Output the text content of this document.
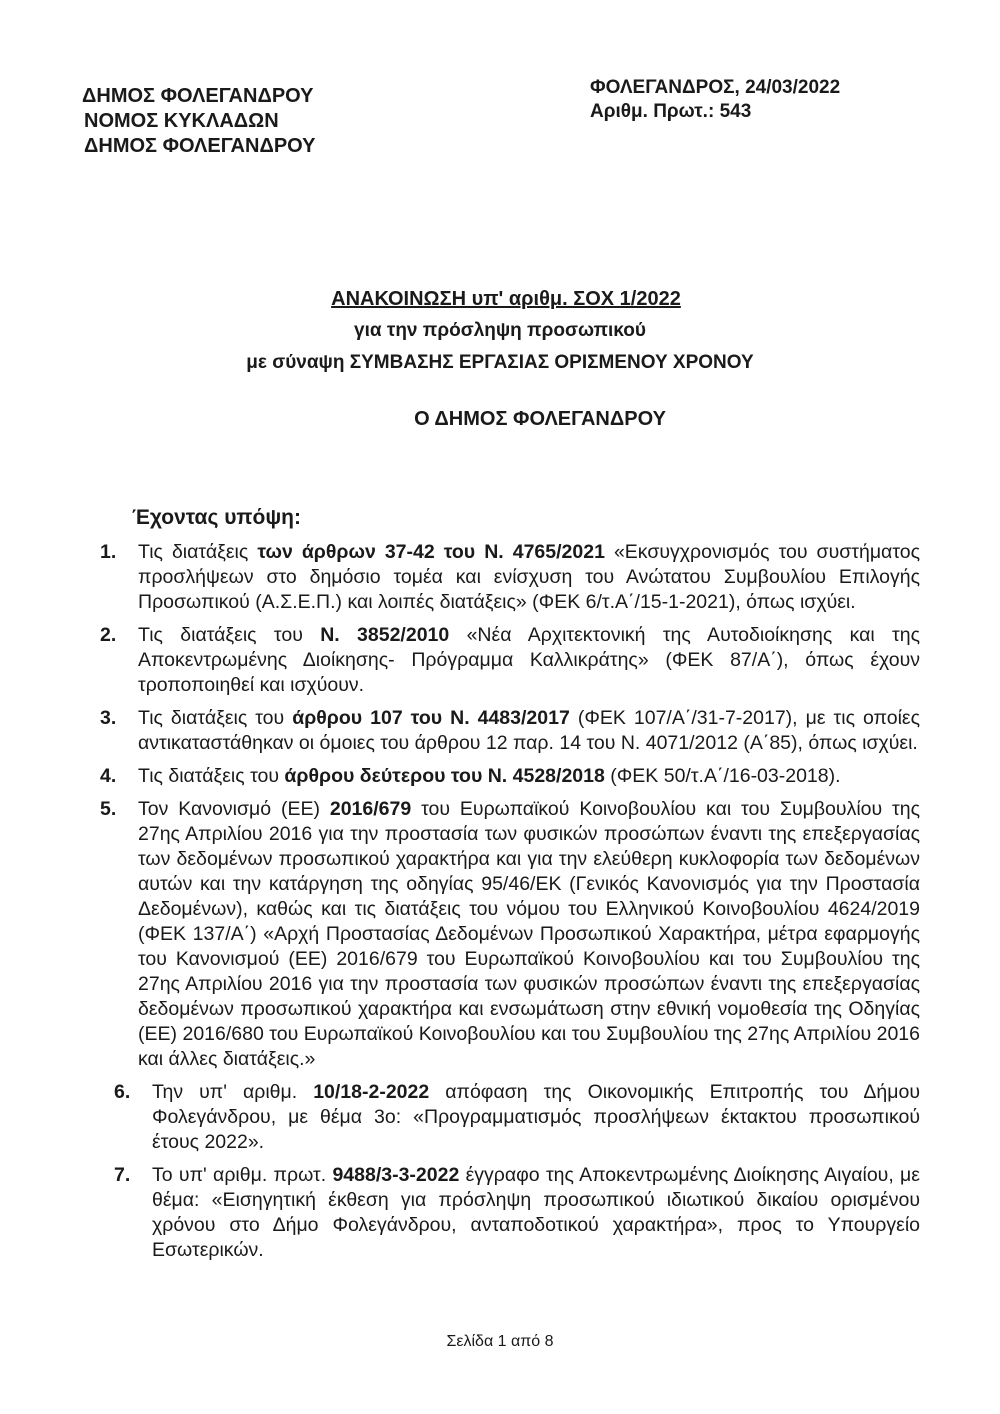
ΔΗΜΟΣ ΦΟΛΕΓΑΝΔΡΟΥ
ΝΟΜΟΣ ΚΥΚΛΑΔΩΝ
ΔΗΜΟΣ ΦΟΛΕΓΑΝΔΡΟΥ
ΦΟΛΕΓΑΝΔΡΟΣ, 24/03/2022
Αριθμ. Πρωτ.: 543
ΑΝΑΚΟΙΝΩΣΗ υπ' αριθμ. ΣΟΧ 1/2022
για την πρόσληψη προσωπικού
με σύναψη ΣΥΜΒΑΣΗΣ ΕΡΓΑΣΙΑΣ ΟΡΙΣΜΕΝΟΥ ΧΡΟΝΟΥ
Ο ΔΗΜΟΣ ΦΟΛΕΓΑΝΔΡΟΥ
Έχοντας υπόψη:
1. Τις διατάξεις των άρθρων 37-42 του Ν. 4765/2021 «Εκσυγχρονισμός του συστήματος προσλήψεων στο δημόσιο τομέα και ενίσχυση του Ανώτατου Συμβουλίου Επιλογής Προσωπικού (Α.Σ.Ε.Π.) και λοιπές διατάξεις» (ΦΕΚ 6/τ.Α΄/15-1-2021), όπως ισχύει.
2. Τις διατάξεις του Ν. 3852/2010 «Νέα Αρχιτεκτονική της Αυτοδιοίκησης και της Αποκεντρωμένης Διοίκησης- Πρόγραμμα Καλλικράτης» (ΦΕΚ 87/Α΄), όπως έχουν τροποποιηθεί και ισχύουν.
3. Τις διατάξεις του άρθρου 107 του Ν. 4483/2017 (ΦΕΚ 107/Α΄/31-7-2017), με τις οποίες αντικαταστάθηκαν οι όμοιες του άρθρου 12 παρ. 14 του Ν. 4071/2012 (Α΄85), όπως ισχύει.
4. Τις διατάξεις του άρθρου δεύτερου του Ν. 4528/2018 (ΦΕΚ 50/τ.Α΄/16-03-2018).
5. Τον Κανονισμό (ΕΕ) 2016/679 του Ευρωπαϊκού Κοινοβουλίου και του Συμβουλίου της 27ης Απριλίου 2016 για την προστασία των φυσικών προσώπων έναντι της επεξεργασίας των δεδομένων προσωπικού χαρακτήρα και για την ελεύθερη κυκλοφορία των δεδομένων αυτών και την κατάργηση της οδηγίας 95/46/ΕΚ (Γενικός Κανονισμός για την Προστασία Δεδομένων), καθώς και τις διατάξεις του νόμου του Ελληνικού Κοινοβουλίου 4624/2019 (ΦΕΚ 137/Α΄) «Αρχή Προστασίας Δεδομένων Προσωπικού Χαρακτήρα, μέτρα εφαρμογής του Κανονισμού (ΕΕ) 2016/679 του Ευρωπαϊκού Κοινοβουλίου και του Συμβουλίου της 27ης Απριλίου 2016 για την προστασία των φυσικών προσώπων έναντι της επεξεργασίας δεδομένων προσωπικού χαρακτήρα και ενσωμάτωση στην εθνική νομοθεσία της Οδηγίας (ΕΕ) 2016/680 του Ευρωπαϊκού Κοινοβουλίου και του Συμβουλίου της 27ης Απριλίου 2016 και άλλες διατάξεις.»
6. Την υπ' αριθμ. 10/18-2-2022 απόφαση της Οικονομικής Επιτροπής του Δήμου Φολεγάνδρου, με θέμα 3ο: «Προγραμματισμός προσλήψεων έκτακτου προσωπικού έτους 2022».
7. Το υπ' αριθμ. πρωτ. 9488/3-3-2022 έγγραφο της Αποκεντρωμένης Διοίκησης Αιγαίου, με θέμα: «Εισηγητική έκθεση για πρόσληψη προσωπικού ιδιωτικού δικαίου ορισμένου χρόνου στο Δήμο Φολεγάνδρου, ανταποδοτικού χαρακτήρα», προς το Υπουργείο Εσωτερικών.
Σελίδα 1 από 8
